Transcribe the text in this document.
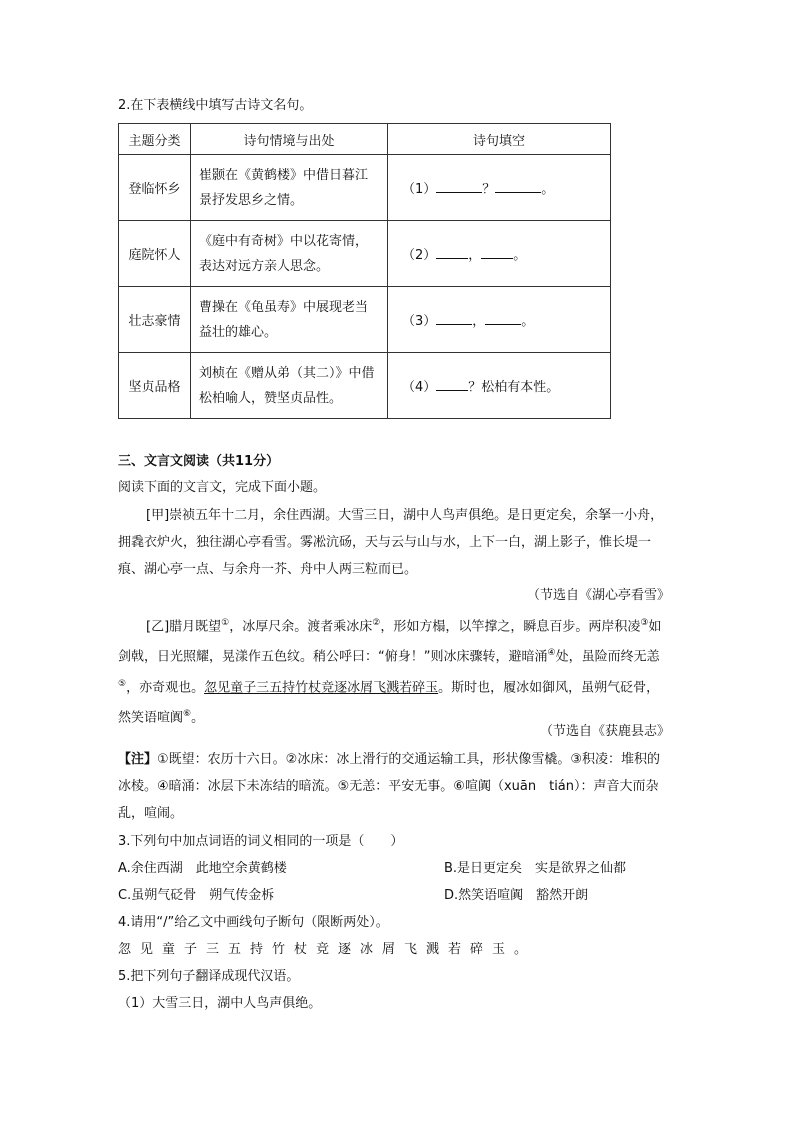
2.在下表横线中填写古诗文名句。
主题分类	诗句情境与出处	诗句填空
登临怀乡	崔颢在《黄鹤楼》中借日暮江景抒发思乡之情。	（1） ？ 。
庭院怀人	《庭中有奇树》中以花寄情，表达对远方亲人思念。	（2） ， 。
壮志豪情	曹操在《龟虽寿》中展现老当益壮的雄心。	（3） ， 。
坚贞品格	刘桢在《赠从弟（其二）》中借松柏喻人，赞坚贞品性。	（4） ？松柏有本性。
三、文言文阅读（共11分）
阅读下面的文言文，完成下面小题。
[甲]崇祯五年十二月，余住西湖。大雪三日，湖中人鸟声俱绝。是日更定矣，余拏一小舟，拥毳衣炉火，独往湖心亭看雪。雾凇沆砀，天与云与山与水，上下一白，湖上影子，惟长堤一痕、湖心亭一点、与余舟一芥、舟中人两三粒而已。
（节选自《湖心亭看雪》
[乙]腊月既望①，冰厚尺余。渡者乘冰床②，形如方榻，以竿撑之，瞬息百步。两岸积凌③如剑戟，日光照耀，晃漾作五色纹。稍公呼曰：“俯身！”则冰床骤转，避暗涌④处，虽险而终无恙⑤，亦奇观也。忽见童子三五持竹杖竞逐冰屑飞溅若碎玉。斯时也，履冰如御风，虽朔气砭骨，然笑语喧阗⑥。
（节选自《获鹿县志》
【注】①既望：农历十六日。②冰床：冰上滑行的交通运输工具，形状像雪橇。③积凌：堆积的冰棱。④暗涌：冰层下未冻结的暗流。⑤无恙：平安无事。⑥喧阗（xuān　tián）：声音大而杂乱，喧闹。
3.下列句中加点词语的词义相同的一项是（　　）
A.余住西湖　此地空余黄鹤楼	B.是日更定矣　实是欲界之仙都
C.虽朔气砭骨　朔气传金柝	D.然笑语喧阗　豁然开朗
4.请用“/”给乙文中画线句子断句（限断两处）。
忽见童子三五持竹杖竞逐冰屑飞溅若碎玉。
5.把下列句子翻译成现代汉语。
（1）大雪三日，湖中人鸟声俱绝。
